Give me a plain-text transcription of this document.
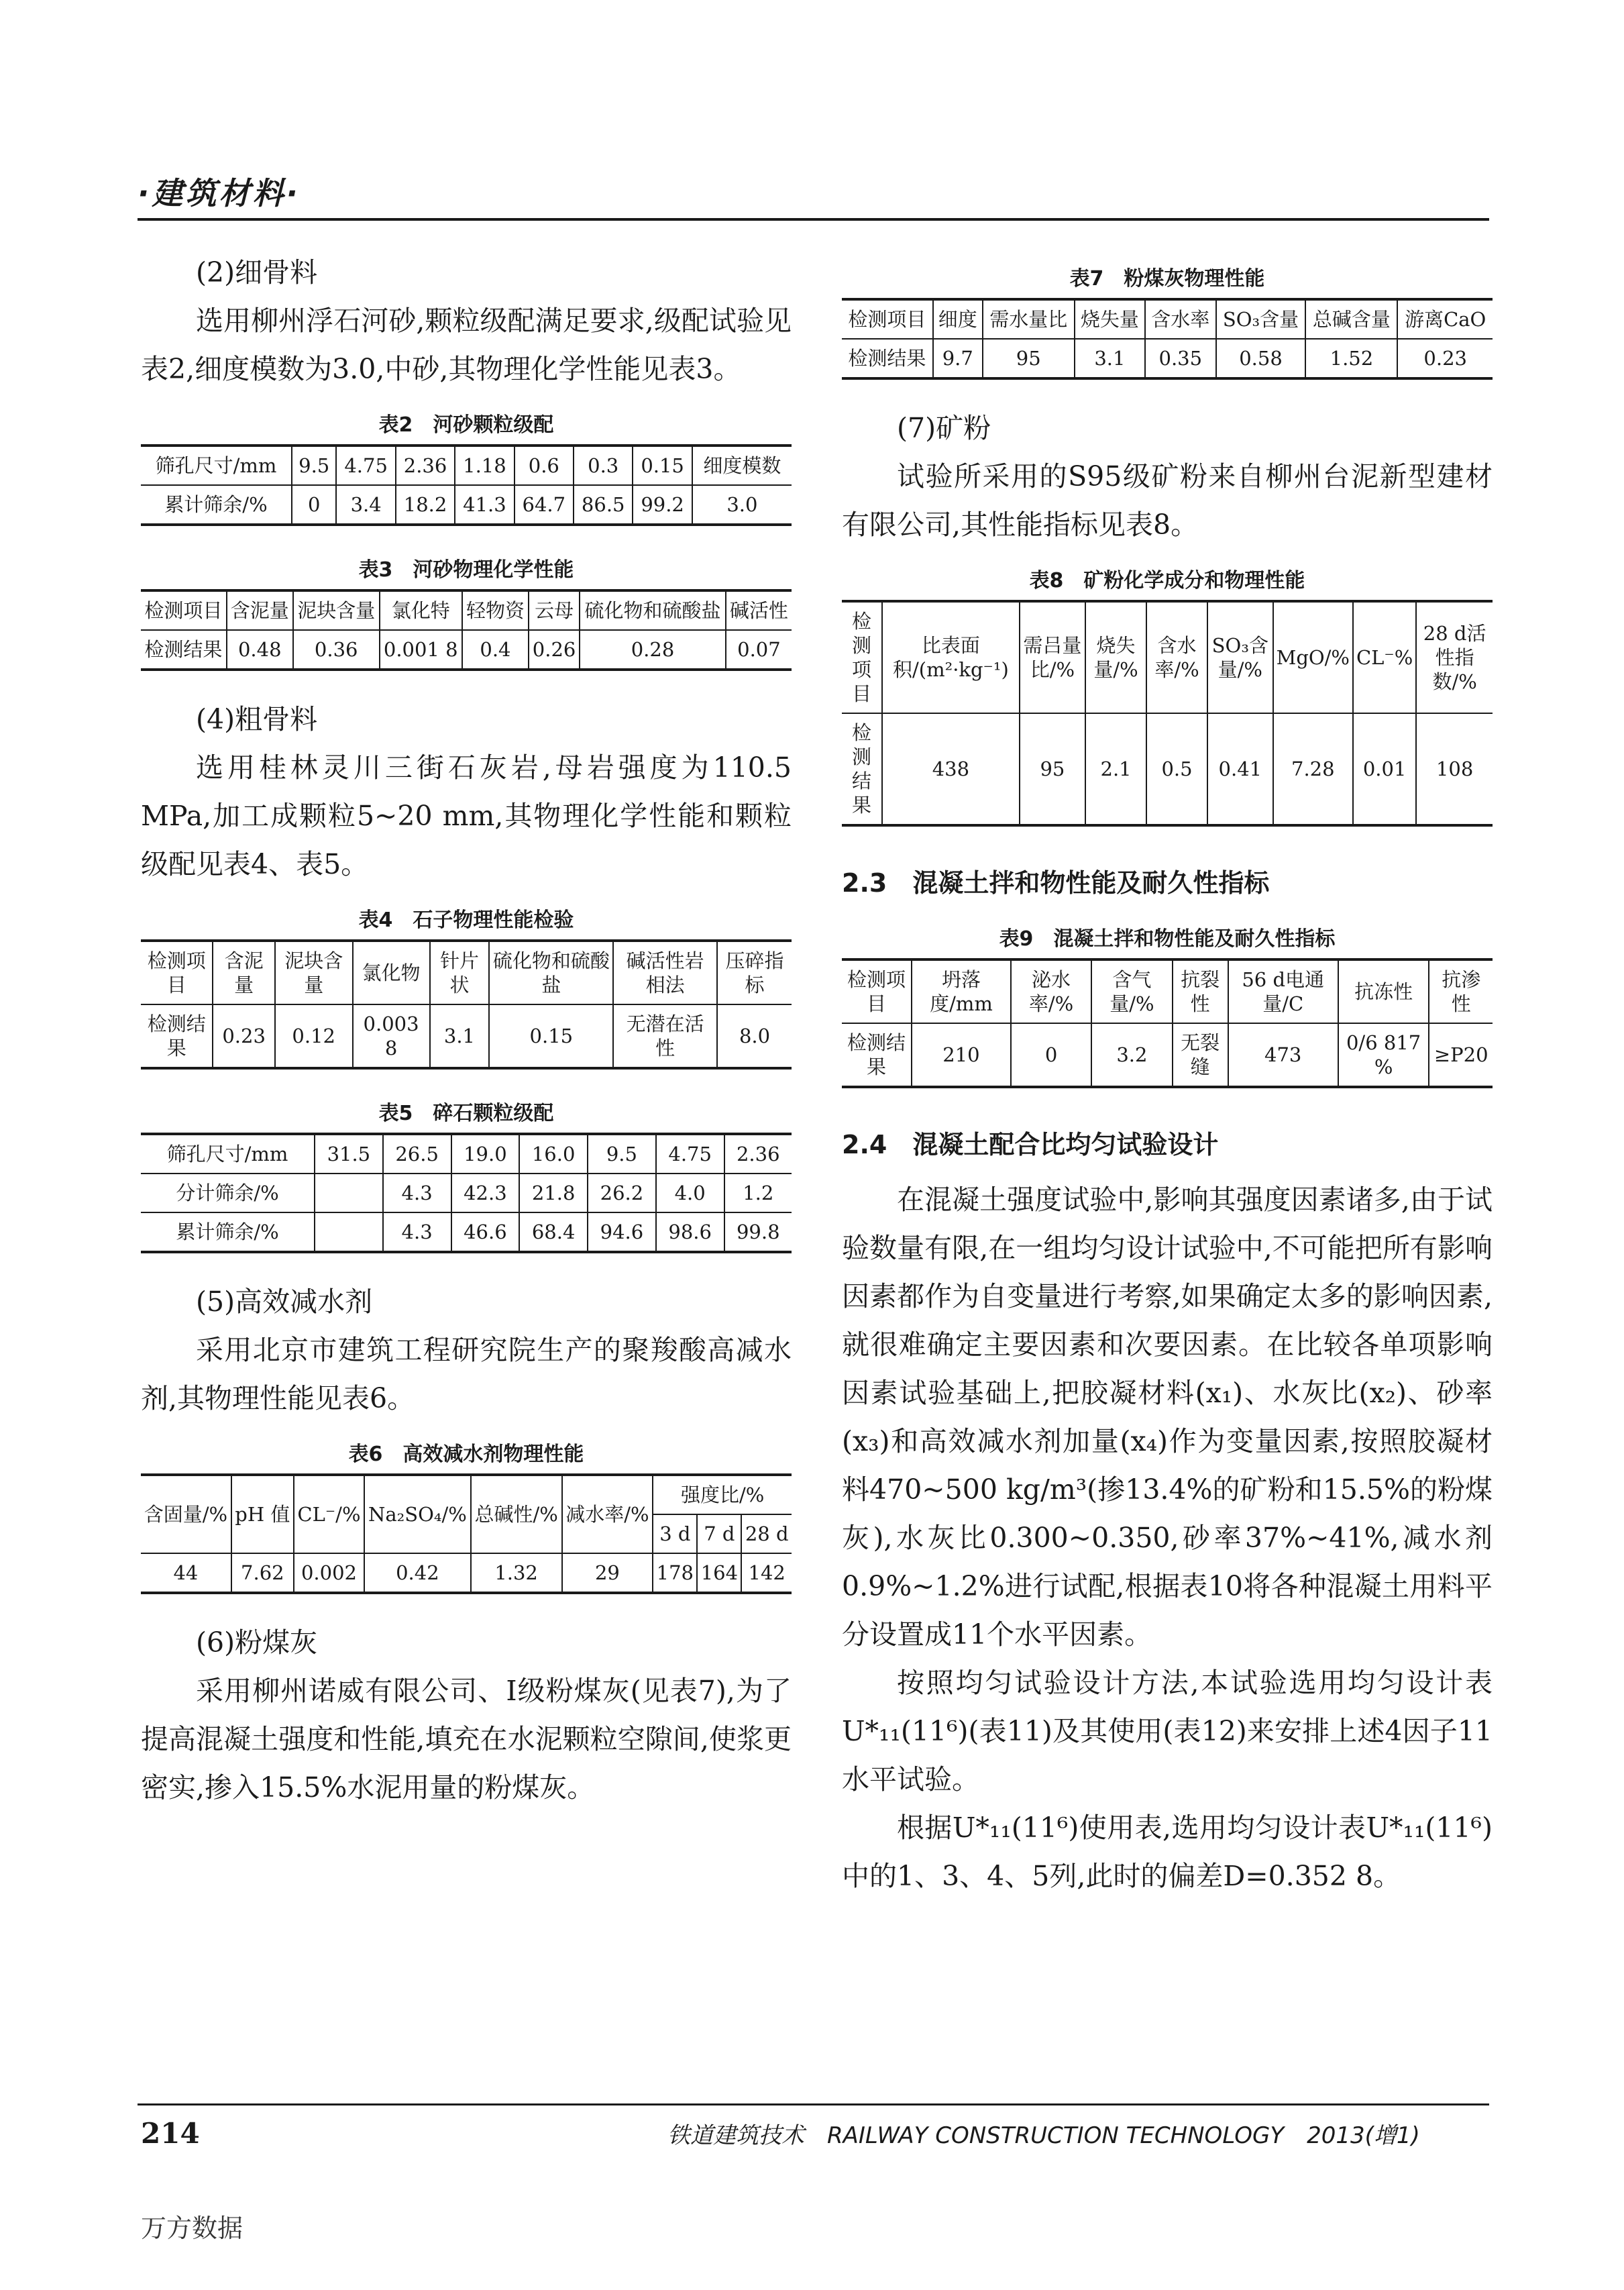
·建筑材料·

(2)细骨料

选用柳州浮石河砂,颗粒级配满足要求,级配试验见表2,细度模数为3.0,中砂,其物理化学性能见表3。

表2　河砂颗粒级配
筛孔尺寸/mm	9.5	4.75	2.36	1.18	0.6	0.3	0.15	细度模数
累计筛余/%	0	3.4	18.2	41.3	64.7	86.5	99.2	3.0
表3　河砂物理化学性能
检测项目	含泥量	泥块含量	氯化特	轻物资	云母	硫化物和硫酸盐	碱活性
检测结果	0.48	0.36	0.001 8	0.4	0.26	0.28	0.07

(4)粗骨料

选用桂林灵川三街石灰岩,母岩强度为110.5 MPa,加工成颗粒5~20 mm,其物理化学性能和颗粒级配见表4、表5。

表4　石子物理性能检验
检测项目	含泥量	泥块含量	氯化物	针片状	硫化物和硫酸盐	碱活性岩相法	压碎指标
检测结果	0.23	0.12	0.003 8	3.1	0.15	无潜在活性	8.0
表5　碎石颗粒级配
筛孔尺寸/mm	31.5	26.5	19.0	16.0	9.5	4.75	2.36
分计筛余/%		4.3	42.3	21.8	26.2	4.0	1.2
累计筛余/%		4.3	46.6	68.4	94.6	98.6	99.8

(5)高效减水剂

采用北京市建筑工程研究院生产的聚羧酸高减水剂,其物理性能见表6。

表6　高效减水剂物理性能
含固量/%	pH 值	CL⁻/%	Na₂SO₄/%	总碱性/%	减水率/%	强度比/%		
						3 d	7 d	28 d
44	7.62	0.002	0.42	1.32	29	178	164	142

(6)粉煤灰

采用柳州诺威有限公司、Ⅰ级粉煤灰(见表7),为了提高混凝土强度和性能,填充在水泥颗粒空隙间,使浆更密实,掺入15.5%水泥用量的粉煤灰。

表7　粉煤灰物理性能
检测项目	细度	需水量比	烧失量	含水率	SO₃含量	总碱含量	游离CaO
检测结果	9.7	95	3.1	0.35	0.58	1.52	0.23

(7)矿粉

试验所采用的S95级矿粉来自柳州台泥新型建材有限公司,其性能指标见表8。

表8　矿粉化学成分和物理性能
检测项目	比表面积/(m²·kg⁻¹)	需吕量比/%	烧失量/%	含水率/%	SO₃含量/%	MgO/%	CL⁻%	28 d活性指数/%
检测结果	438	95	2.1	0.5	0.41	7.28	0.01	108
2.3　混凝土拌和物性能及耐久性指标
表9　混凝土拌和物性能及耐久性指标
检测项目	坍落度/mm	泌水率/%	含气量/%	抗裂性	56 d电通量/C	抗冻性	抗渗性
检测结果	210	0	3.2	无裂缝	473	0/6 817 %	≥P20
2.4　混凝土配合比均匀试验设计

在混凝土强度试验中,影响其强度因素诸多,由于试验数量有限,在一组均匀设计试验中,不可能把所有影响因素都作为自变量进行考察,如果确定太多的影响因素,就很难确定主要因素和次要因素。在比较各单项影响因素试验基础上,把胶凝材料(x₁)、水灰比(x₂)、砂率(x₃)和高效减水剂加量(x₄)作为变量因素,按照胶凝材料470~500 kg/m³(掺13.4%的矿粉和15.5%的粉煤灰),水灰比0.300~0.350,砂率37%~41%,减水剂0.9%~1.2%进行试配,根据表10将各种混凝土用料平分设置成11个水平因素。

按照均匀试验设计方法,本试验选用均匀设计表U*₁₁(11⁶)(表11)及其使用(表12)来安排上述4因子11水平试验。

根据U*₁₁(11⁶)使用表,选用均匀设计表U*₁₁(11⁶)中的1、3、4、5列,此时的偏差D=0.352 8。

214	铁道建筑技术　RAILWAY CONSTRUCTION TECHNOLOGY　2013(增1)
万方数据
